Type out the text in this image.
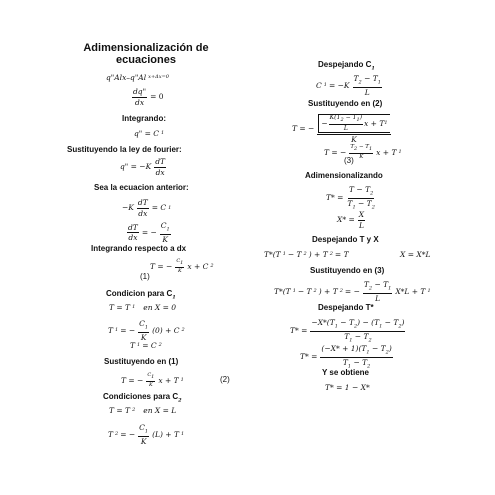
Adimensionalización de ecuaciones
q"Alx–q"Al x+Δx=0
$\frac{dq"}{dx} = 0$
Integrando:
q" = C 1
Sustituyendo la ley de fourier:
q" = −K
dT
dx
Sea la ecuacion anterior:
$-K \frac{dT}{dx} = C$ 1
$\frac{dT}{dx}$ = − $\frac{C_1}{K}$
Integrando respecto a dx
T = − $\frac{C1}{K}$ x + C 2
(1)
Condicion para $C_1$
T = T 1 en X = 0
T 1 = − $\frac{C_1}{K} (0) + C$ 2
T 1 = C 2
Sustituyendo en (1)
T = − $\frac{C1}{K}$ x + T 1	(2)
Condiciones para $C_2$
T = T 2 en X = L
T 2 = − $\frac{C_1}{K} (L) + T$ 1
Despejando $C_1$
C 1 = −K
$T_2 - T_1$
L
Sustituyendo en (2)
T = − −
$K(T_2 - T_1)$
L
x + T 1
K
T = − $\frac{T2 - T1}{K}$ x + T 1
(3)
Adimensionalizando
$T* = \frac{T - T_2}{T_1 - T_2}$
$X* = \frac{X}{L}$
Despejando T y X
T*(T 1 − T 2 ) + T 2 = T	X = X*L
Sustituyendo en (3)
T*(T 1 − T 2 ) + T 2 = − $\frac{T_2 - T_1}{L} X*L + T$ 1
Despejando T*
$T* = \frac{-X*(T_1 - T_2) - (T_1 - T_2)}{T_1 - T_2}$
$T* = \frac{(-X* + 1)(T_1 - T_2)}{T_1 - T_2}$
Y se obtiene
T* = 1 − X*
